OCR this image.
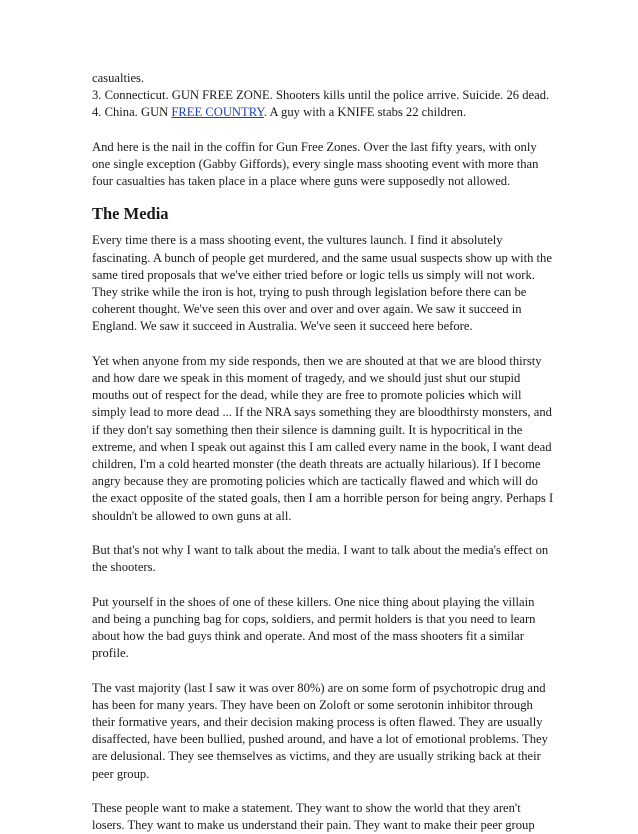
casualties.

3. Connecticut. GUN FREE ZONE. Shooters kills until the police arrive. Suicide. 26 dead.

4. China. GUN FREE COUNTRY. A guy with a KNIFE stabs 22 children.

And here is the nail in the coffin for Gun Free Zones. Over the last fifty years, with only one single exception (Gabby Giffords), every single mass shooting event with more than four casualties has taken place in a place where guns were supposedly not allowed.

The Media

Every time there is a mass shooting event, the vultures launch. I find it absolutely fascinating. A bunch of people get murdered, and the same usual suspects show up with the same tired proposals that we've either tried before or logic tells us simply will not work. They strike while the iron is hot, trying to push through legislation before there can be coherent thought. We've seen this over and over and over again. We saw it succeed in England. We saw it succeed in Australia. We've seen it succeed here before.

Yet when anyone from my side responds, then we are shouted at that we are blood thirsty and how dare we speak in this moment of tragedy, and we should just shut our stupid mouths out of respect for the dead, while they are free to promote policies which will simply lead to more dead ... If the NRA says something they are bloodthirsty monsters, and if they don't say something then their silence is damning guilt. It is hypocritical in the extreme, and when I speak out against this I am called every name in the book, I want dead children, I'm a cold hearted monster (the death threats are actually hilarious). If I become angry because they are promoting policies which are tactically flawed and which will do the exact opposite of the stated goals, then I am a horrible person for being angry. Perhaps I shouldn't be allowed to own guns at all.

But that's not why I want to talk about the media. I want to talk about the media's effect on the shooters.

Put yourself in the shoes of one of these killers. One nice thing about playing the villain and being a punching bag for cops, soldiers, and permit holders is that you need to learn about how the bad guys think and operate. And most of the mass shooters fit a similar profile.

The vast majority (last I saw it was over 80%) are on some form of psychotropic drug and has been for many years. They have been on Zoloft or some serotonin inhibitor through their formative years, and their decision making process is often flawed. They are usually disaffected, have been bullied, pushed around, and have a lot of emotional problems. They are delusional. They see themselves as victims, and they are usually striking back at their peer group.

These people want to make a statement. They want to show the world that they aren't losers. They want to make us understand their pain. They want to make their peer group
